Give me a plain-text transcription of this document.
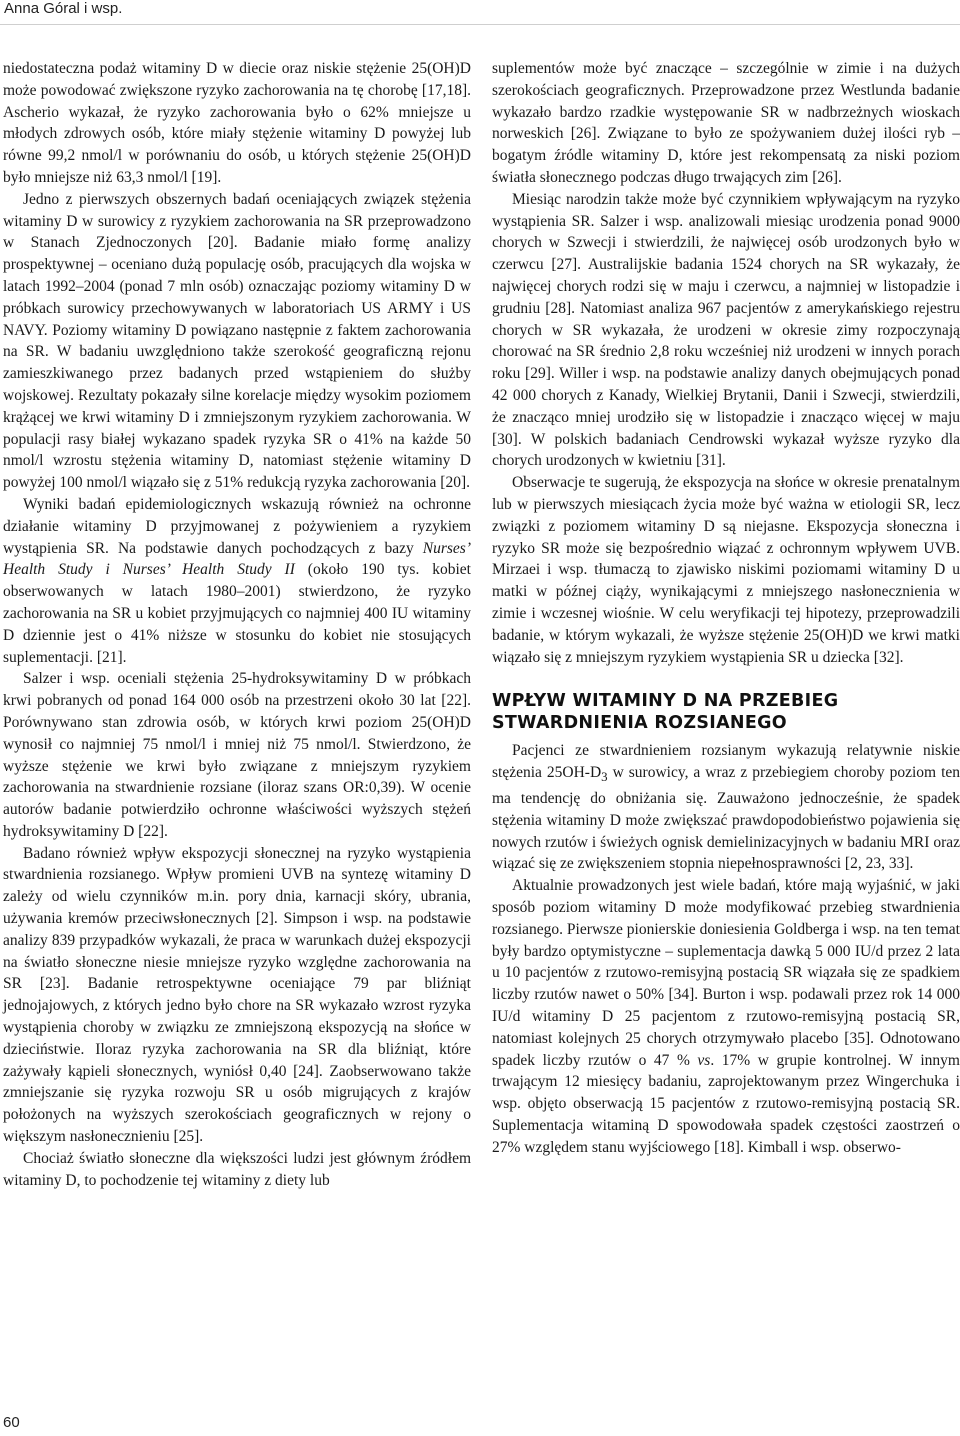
Anna Góral i wsp.

niedostateczna podaż witaminy D w diecie oraz niskie stężenie 25(OH)D może powodować zwiększone ryzyko zachorowania na tę chorobę [17,18]. Ascherio wykazał, że ryzyko zachorowania było o 62% mniejsze u młodych zdrowych osób, które miały stężenie witaminy D powyżej lub równe 99,2 nmol/l w porównaniu do osób, u których stężenie 25(OH)D było mniejsze niż 63,3 nmol/l [19].

Jedno z pierwszych obszernych badań oceniających związek stężenia witaminy D w surowicy z ryzykiem zachorowania na SR przeprowadzono w Stanach Zjednoczonych [20]. Badanie miało formę analizy prospektywnej – oceniano dużą populację osób, pracujących dla wojska w latach 1992–2004 (ponad 7 mln osób) oznaczając poziomy witaminy D w próbkach surowicy przechowywanych w laboratoriach US ARMY i US NAVY. Poziomy witaminy D powiązano następnie z faktem zachorowania na SR. W badaniu uwzględniono także szerokość geograficzną rejonu zamieszkiwanego przez badanych przed wstąpieniem do służby wojskowej. Rezultaty pokazały silne korelacje między wysokim poziomem krążącej we krwi witaminy D i zmniejszonym ryzykiem zachorowania. W populacji rasy białej wykazano spadek ryzyka SR o 41% na każde 50 nmol/l wzrostu stężenia witaminy D, natomiast stężenie witaminy D powyżej 100 nmol/l wiązało się z 51% redukcją ryzyka zachorowania [20].

Wyniki badań epidemiologicznych wskazują również na ochronne działanie witaminy D przyjmowanej z pożywieniem a ryzykiem wystąpienia SR. Na podstawie danych pochodzących z bazy Nurses’ Health Study i Nurses’ Health Study II (około 190 tys. kobiet obserwowanych w latach 1980–2001) stwierdzono, że ryzyko zachorowania na SR u kobiet przyjmujących co najmniej 400 IU witaminy D dziennie jest o 41% niższe w stosunku do kobiet nie stosujących suplementacji. [21].

Salzer i wsp. oceniali stężenia 25-hydroksywitaminy D w próbkach krwi pobranych od ponad 164 000 osób na przestrzeni około 30 lat [22]. Porównywano stan zdrowia osób, w których krwi poziom 25(OH)D wynosił co najmniej 75 nmol/l i mniej niż 75 nmol/l. Stwierdzono, że wyższe stężenie we krwi było związane z mniejszym ryzykiem zachorowania na stwardnienie rozsiane (iloraz szans OR:0,39). W ocenie autorów badanie potwierdziło ochronne właściwości wyższych stężeń hydroksywitaminy D [22].

Badano również wpływ ekspozycji słonecznej na ryzyko wystąpienia stwardnienia rozsianego. Wpływ promieni UVB na syntezę witaminy D zależy od wielu czynników m.in. pory dnia, karnacji skóry, ubrania, używania kremów przeciwsłonecznych [2]. Simpson i wsp. na podstawie analizy 839 przypadków wykazali, że praca w warunkach dużej ekspozycji na światło słoneczne niesie mniejsze ryzyko względne zachorowania na SR [23]. Badanie retrospektywne oceniające 79 par bliźniąt jednojajowych, z których jedno było chore na SR wykazało wzrost ryzyka wystąpienia choroby w związku ze zmniejszoną ekspozycją na słońce w dzieciństwie. Iloraz ryzyka zachorowania na SR dla bliźniąt, które zażywały kąpieli słonecznych, wyniósł 0,40 [24]. Zaobserwowano także zmniejszanie się ryzyka rozwoju SR u osób migrujących z krajów położonych na wyższych szerokościach geograficznych w rejony o większym nasłonecznieniu [25].

Chociaż światło słoneczne dla większości ludzi jest głównym źródłem witaminy D, to pochodzenie tej witaminy z diety lub

suplementów może być znaczące – szczególnie w zimie i na dużych szerokościach geograficznych. Przeprowadzone przez Westlunda badanie wykazało bardzo rzadkie występowanie SR w nadbrzeżnych wioskach norweskich [26]. Związane to było ze spożywaniem dużej ilości ryb – bogatym źródle witaminy D, które jest rekompensatą za niski poziom światła słonecznego podczas długo trwających zim [26].

Miesiąc narodzin także może być czynnikiem wpływającym na ryzyko wystąpienia SR. Salzer i wsp. analizowali miesiąc urodzenia ponad 9000 chorych w Szwecji i stwierdzili, że najwięcej osób urodzonych było w czerwcu [27]. Australijskie badania 1524 chorych na SR wykazały, że najwięcej chorych rodzi się w maju i czerwcu, a najmniej w listopadzie i grudniu [28]. Natomiast analiza 967 pacjentów z amerykańskiego rejestru chorych w SR wykazała, że urodzeni w okresie zimy rozpoczynają chorować na SR średnio 2,8 roku wcześniej niż urodzeni w innych porach roku [29]. Willer i wsp. na podstawie analizy danych obejmujących ponad 42 000 chorych z Kanady, Wielkiej Brytanii, Danii i Szwecji, stwierdzili, że znacząco mniej urodziło się w listopadzie i znacząco więcej w maju [30]. W polskich badaniach Cendrowski wykazał wyższe ryzyko dla chorych urodzonych w kwietniu [31].

Obserwacje te sugerują, że ekspozycja na słońce w okresie prenatalnym lub w pierwszych miesiącach życia może być ważna w etiologii SR, lecz związki z poziomem witaminy D są niejasne. Ekspozycja słoneczna i ryzyko SR może się bezpośrednio wiązać z ochronnym wpływem UVB. Mirzaei i wsp. tłumaczą to zjawisko niskimi poziomami witaminy D u matki w późnej ciąży, wynikającymi z mniejszego nasłonecznienia w zimie i wczesnej wiośnie. W celu weryfikacji tej hipotezy, przeprowadzili badanie, w którym wykazali, że wyższe stężenie 25(OH)D we krwi matki wiązało się z mniejszym ryzykiem wystąpienia SR u dziecka [32].

WPŁYW WITAMINY D NA PRZEBIEG STWARDNIENIA ROZSIANEGO

Pacjenci ze stwardnieniem rozsianym wykazują relatywnie niskie stężenia $25OH-D_3$ w surowicy, a wraz z przebiegiem choroby poziom ten ma tendencję do obniżania się. Zauważono jednocześnie, że spadek stężenia witaminy D może zwiększać prawdopodobieństwo pojawienia się nowych rzutów i świeżych ognisk demielinizacyjnych w badaniu MRI oraz wiązać się ze zwiększeniem stopnia niepełnosprawności [2, 23, 33].

Aktualnie prowadzonych jest wiele badań, które mają wyjaśnić, w jaki sposób poziom witaminy D może modyfikować przebieg stwardnienia rozsianego. Pierwsze pionierskie doniesienia Goldberga i wsp. na ten temat były bardzo optymistyczne – suplementacja dawką 5 000 IU/d przez 2 lata u 10 pacjentów z rzutowo-remisyjną postacią SR wiązała się ze spadkiem liczby rzutów nawet o 50% [34]. Burton i wsp. podawali przez rok 14 000 IU/d witaminy D 25 pacjentom z rzutowo-remisyjną postacią SR, natomiast kolejnych 25 chorych otrzymywało placebo [35]. Odnotowano spadek liczby rzutów o 47 % vs. 17% w grupie kontrolnej. W innym trwającym 12 miesięcy badaniu, zaprojektowanym przez Wingerchuka i wsp. objęto obserwacją 15 pacjentów z rzutowo-remisyjną postacią SR. Suplementacja witaminą D spowodowała spadek częstości zaostrzeń o 27% względem stanu wyjściowego [18]. Kimball i wsp. obserwo-

60
